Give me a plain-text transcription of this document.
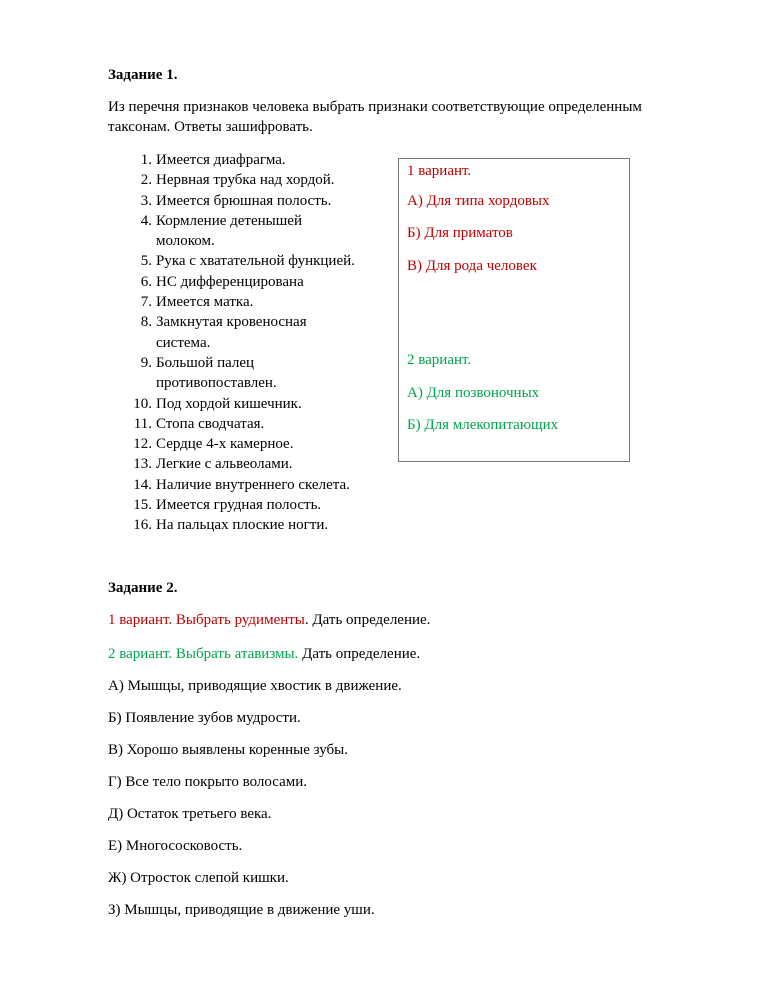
Задание 1.
Из перечня признаков человека выбрать признаки соответствующие определенным
таксонам. Ответы зашифровать.
1. Имеется диафрагма.
2. Нервная трубка над хордой.
3. Имеется брюшная полость.
4. Кормление детенышей молоком.
5. Рука с хватательной функцией.
6. НС дифференцирована
7. Имеется матка.
8. Замкнутая кровеносная система.
9. Большой палец противопоставлен.
10. Под хордой кишечник.
11. Стопа сводчатая.
12. Сердце 4-х камерное.
13. Легкие с альвеолами.
14. Наличие внутреннего скелета.
15. Имеется грудная полость.
16. На пальцах плоские ногти.
1 вариант.
А) Для типа хордовых
Б) Для приматов
В) Для рода человек
2 вариант.
А) Для позвоночных
Б) Для млекопитающих
Задание 2.
1 вариант. Выбрать рудименты. Дать определение.
2 вариант. Выбрать атавизмы. Дать определение.
А) Мышцы, приводящие хвостик в движение.
Б) Появление зубов мудрости.
В) Хорошо выявлены коренные зубы.
Г) Все тело покрыто волосами.
Д) Остаток третьего века.
Е) Многососковость.
Ж) Отросток слепой кишки.
З) Мышцы, приводящие в движение уши.
